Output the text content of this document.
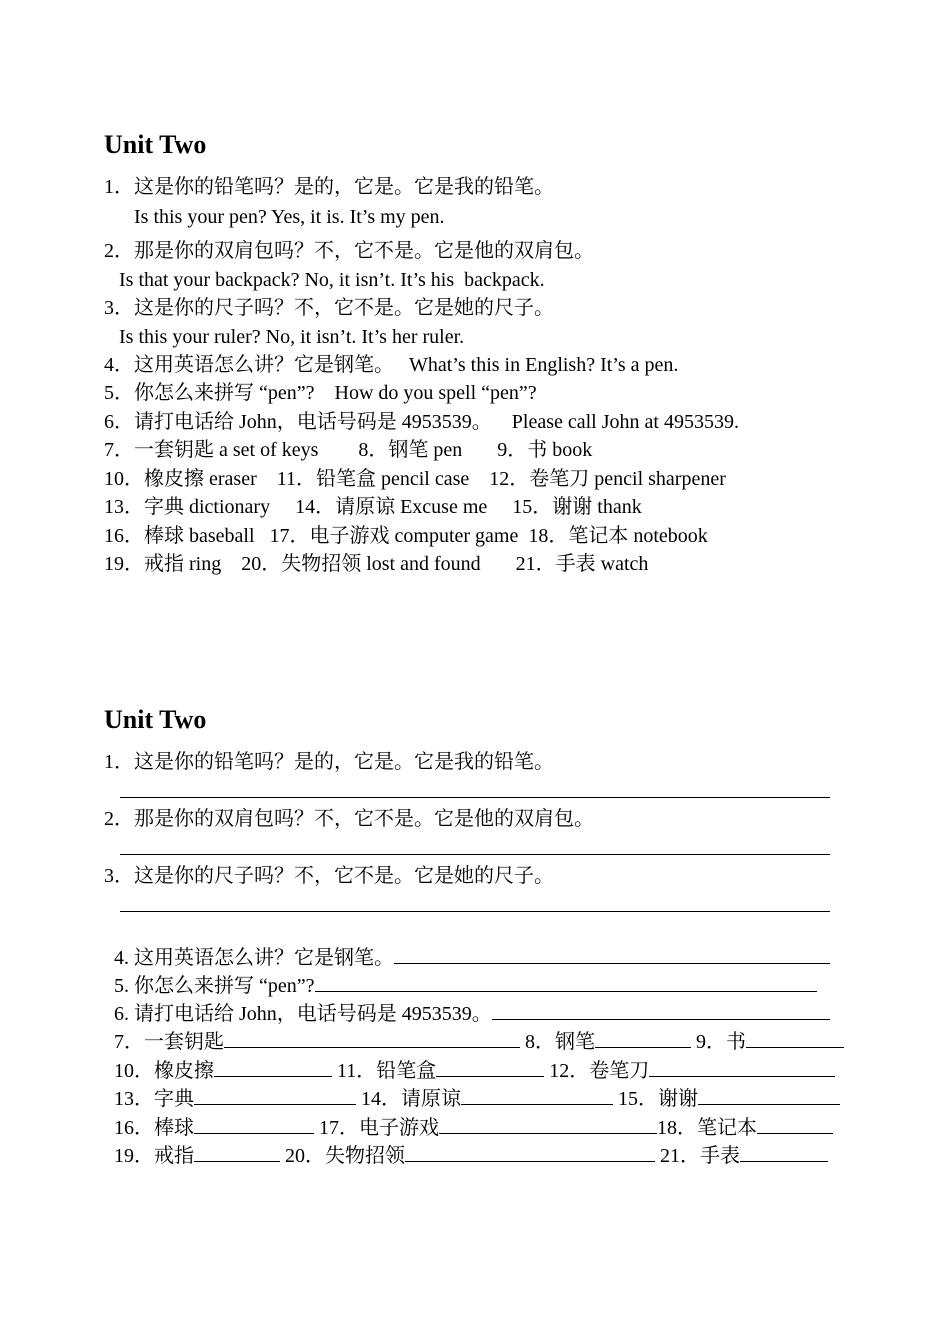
Unit Two
1．这是你的铅笔吗？是的，它是。它是我的铅笔。
Is this your pen? Yes, it is. It’s my pen.
2．那是你的双肩包吗？不，它不是。它是他的双肩包。
Is that your backpack? No, it isn’t. It’s his  backpack.
3．这是你的尺子吗？不，它不是。它是她的尺子。
Is this your ruler? No, it isn’t. It’s her ruler.
4．这用英语怎么讲？它是钢笔。   What’s this in English? It’s a pen.
5．你怎么来拼写 “pen”?    How do you spell “pen”?
6．请打电话给 John，电话号码是 4953539。    Please call John at 4953539.
7．一套钥匙 a set of keys        8．钢笔 pen       9．书 book
10．橡皮擦 eraser    11．铅笔盒 pencil case    12．卷笔刀 pencil sharpener
13．字典 dictionary     14．请原谅 Excuse me     15．谢谢 thank
16．棒球 baseball   17．电子游戏 computer game  18．笔记本 notebook
19．戒指 ring    20．失物招领 lost and found       21．手表 watch
Unit Two
1．这是你的铅笔吗？是的，它是。它是我的铅笔。
2．那是你的双肩包吗？不，它不是。它是他的双肩包。
3．这是你的尺子吗？不，它不是。它是她的尺子。

4. 这用英语怎么讲？它是钢笔。

5. 你怎么来拼写 “pen”?

6. 请打电话给 John，电话号码是 4953539。

7．一套钥匙	8．钢笔	9．书

10．橡皮擦	11．铅笔盒	12．卷笔刀

13．字典	14．请原谅	15．谢谢

16．棒球	17．电子游戏	18．笔记本

19．戒指	20．失物招领	21．手表
